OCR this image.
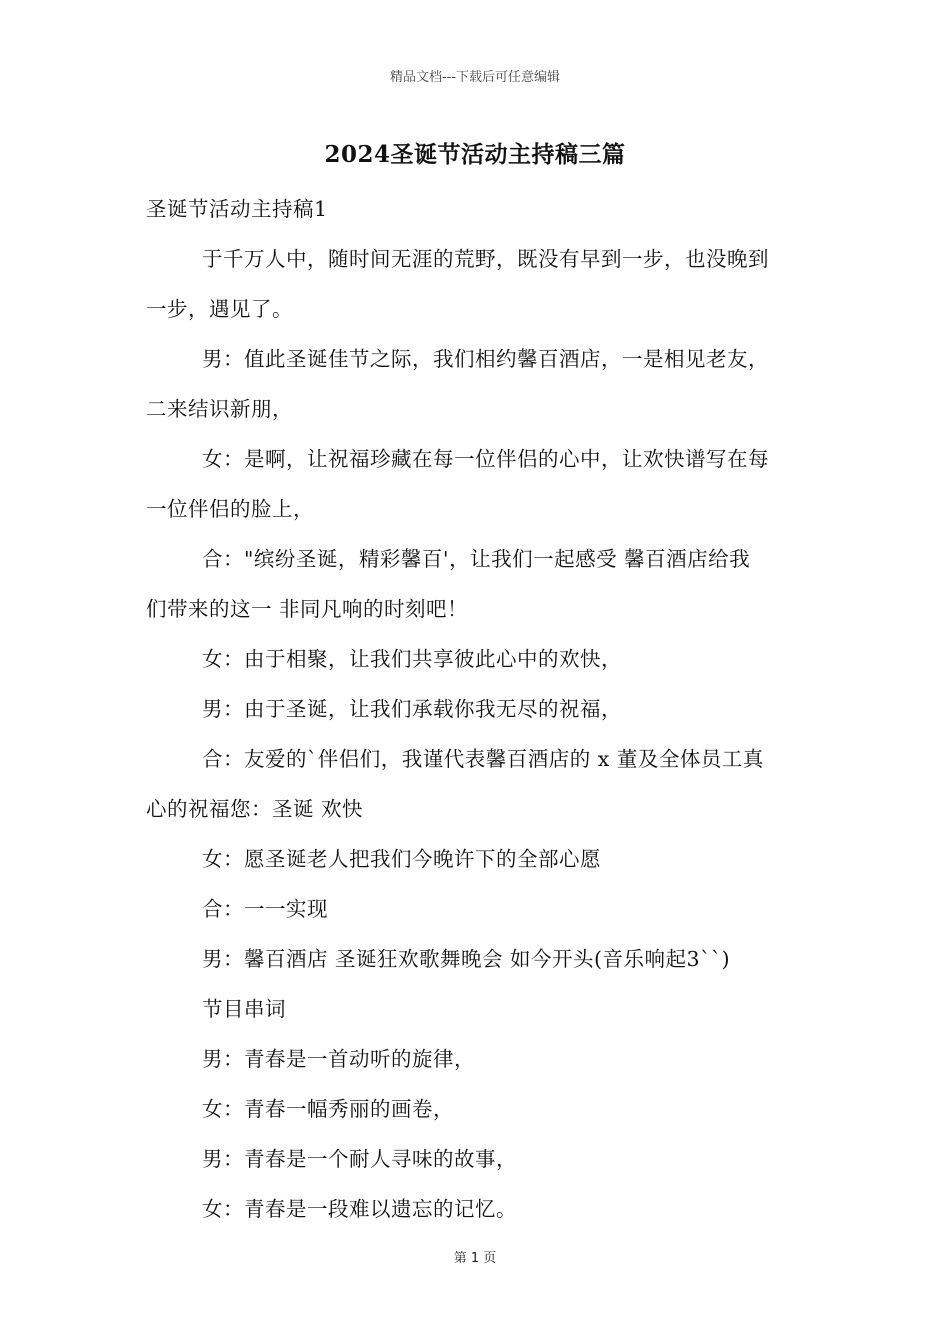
精品文档---下载后可任意编辑
2024圣诞节活动主持稿三篇
圣诞节活动主持稿1
于千万人中，随时间无涯的荒野，既没有早到一步，也没晚到
一步，遇见了。
男：值此圣诞佳节之际，我们相约馨百酒店，一是相见老友，
二来结识新朋，
女：是啊，让祝福珍藏在每一位伴侣的心中，让欢快谱写在每
一位伴侣的脸上，
合："缤纷圣诞，精彩馨百'，让我们一起感受 馨百酒店给我
们带来的这一 非同凡响的时刻吧！
女：由于相聚，让我们共享彼此心中的欢快，
男：由于圣诞，让我们承载你我无尽的祝福，
合：友爱的`伴侣们，我谨代表馨百酒店的 x 董及全体员工真
心的祝福您：圣诞 欢快
女：愿圣诞老人把我们今晚许下的全部心愿
合：一一实现
男：馨百酒店 圣诞狂欢歌舞晚会 如今开头(音乐响起3``)
节目串词
男：青春是一首动听的旋律，
女：青春一幅秀丽的画卷，
男：青春是一个耐人寻味的故事，
女：青春是一段难以遗忘的记忆。
第 1 页
